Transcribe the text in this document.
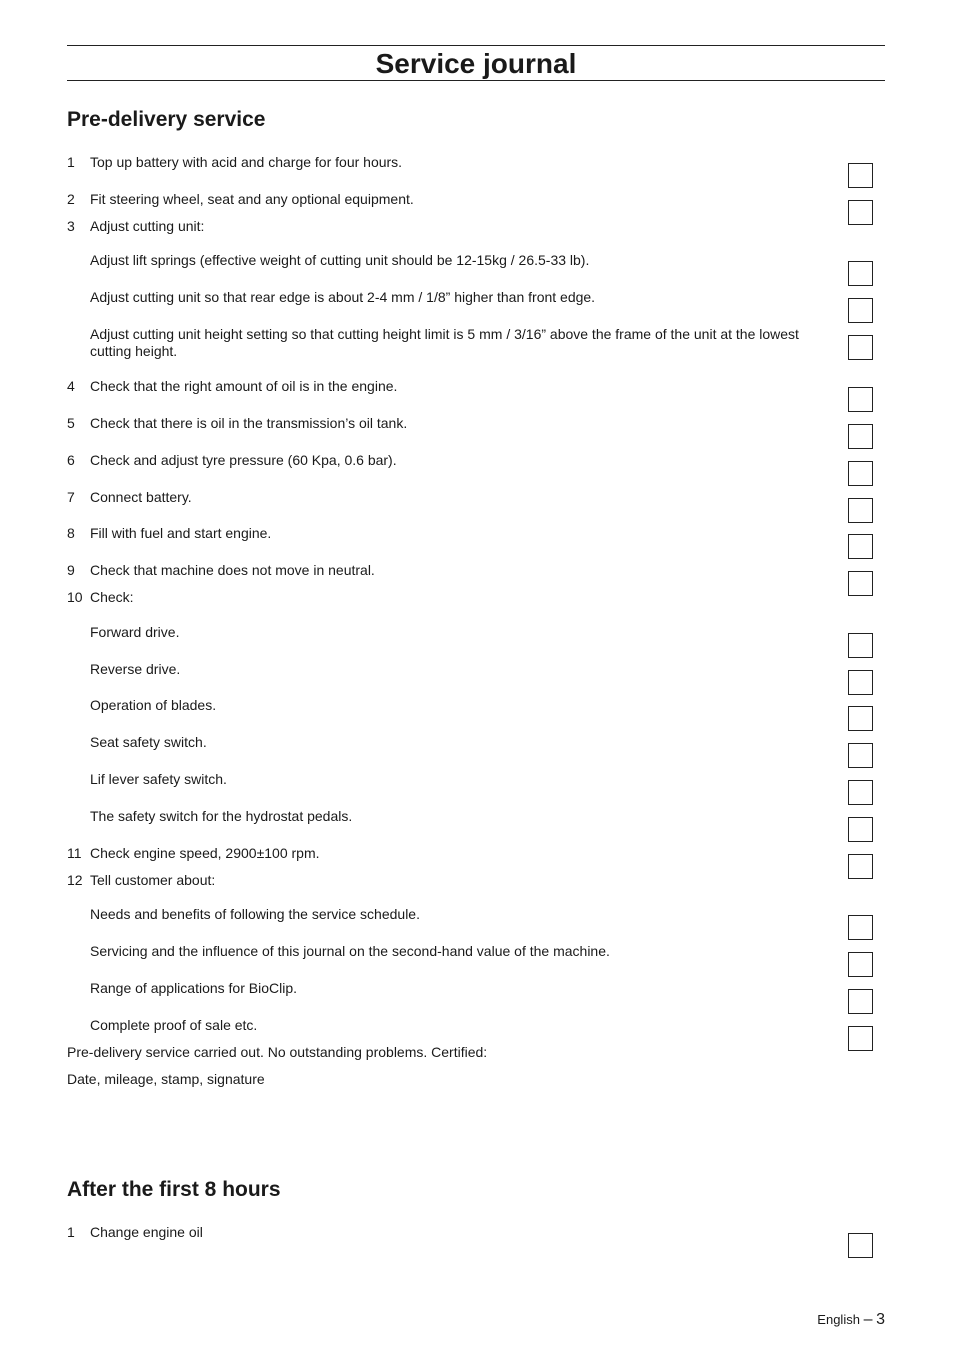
Service journal
Pre-delivery service
1 Top up battery with acid and charge for four hours.
2 Fit steering wheel, seat and any optional equipment.
3 Adjust cutting unit:
Adjust lift springs (effective weight of cutting unit should be 12-15kg / 26.5-33 lb).
Adjust cutting unit so that rear edge is about 2-4 mm / 1/8” higher than front edge.
Adjust cutting unit height setting so that cutting height limit is 5 mm / 3/16” above the frame of the unit at the lowest cutting height.
4 Check that the right amount of oil is in the engine.
5 Check that there is oil in the transmission’s oil tank.
6 Check and adjust tyre pressure (60 Kpa, 0.6 bar).
7 Connect battery.
8 Fill with fuel and start engine.
9 Check that machine does not move in neutral.
10 Check:
Forward drive.
Reverse drive.
Operation of blades.
Seat safety switch.
Lif lever safety switch.
The safety switch for the hydrostat pedals.
11 Check engine speed, 2900±100 rpm.
12 Tell customer about:
Needs and benefits of following the service schedule.
Servicing and the influence of this journal on the second-hand value of the machine.
Range of applications for BioClip.
Complete proof of sale etc.
Pre-delivery service carried out. No outstanding problems. Certified:
Date, mileage, stamp, signature
After the first 8 hours
1 Change engine oil
English – 3
